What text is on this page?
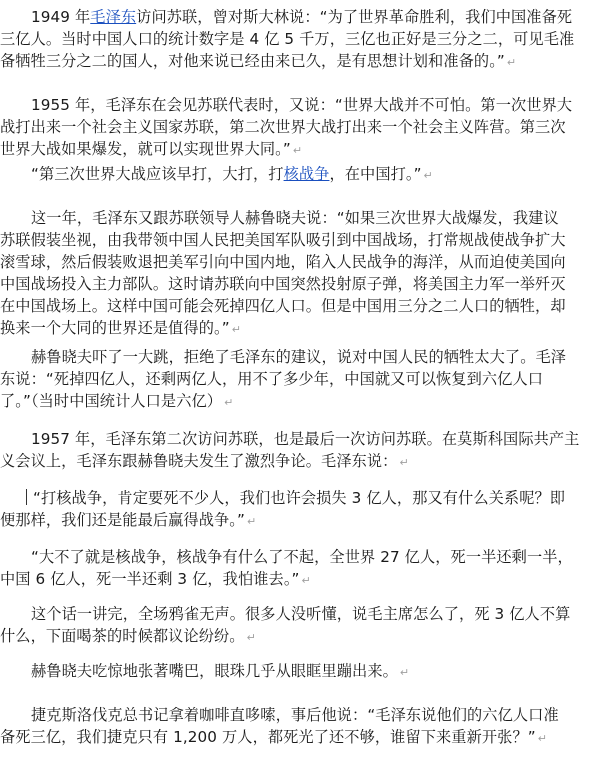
1949 年毛泽东访问苏联，曾对斯大林说：“为了世界革命胜利，我们中国准备死
三亿人。当时中国人口的统计数字是 4 亿 5 千万，三亿也正好是三分之二，可见毛准
备牺牲三分之二的国人，对他来说已经由来已久，是有思想计划和准备的。” ↵
1955 年，毛泽东在会见苏联代表时，又说：“世界大战并不可怕。第一次世界大
战打出来一个社会主义国家苏联，第二次世界大战打出来一个社会主义阵营。第三次
世界大战如果爆发，就可以实现世界大同。” ↵
“第三次世界大战应该早打，大打，打核战争，在中国打。” ↵
这一年，毛泽东又跟苏联领导人赫鲁晓夫说：“如果三次世界大战爆发，我建议
苏联假装坐视，由我带领中国人民把美国军队吸引到中国战场，打常规战使战争扩大
滚雪球，然后假装败退把美军引向中国内地，陷入人民战争的海洋，从而迫使美国向
中国战场投入主力部队。这时请苏联向中国突然投射原子弹，将美国主力军一举歼灭
在中国战场上。这样中国可能会死掉四亿人口。但是中国用三分之二人口的牺牲，却
换来一个大同的世界还是值得的。” ↵
赫鲁晓夫吓了一大跳，拒绝了毛泽东的建议，说对中国人民的牺牲太大了。毛泽
东说：“死掉四亿人，还剩两亿人，用不了多少年，中国就又可以恢复到六亿人口
了。”（当时中国统计人口是六亿） ↵
1957 年，毛泽东第二次访问苏联，也是最后一次访问苏联。在莫斯科国际共产主
义会议上，毛泽东跟赫鲁晓夫发生了激烈争论。毛泽东说： ↵
“打核战争，肯定要死不少人，我们也许会损失 3 亿人，那又有什么关系呢？即
便那样，我们还是能最后赢得战争。” ↵
“大不了就是核战争，核战争有什么了不起，全世界 27 亿人，死一半还剩一半，
中国 6 亿人，死一半还剩 3 亿，我怕谁去。” ↵
这个话一讲完，全场鸦雀无声。很多人没听懂，说毛主席怎么了，死 3 亿人不算
什么，下面喝茶的时候都议论纷纷。 ↵
赫鲁晓夫吃惊地张著嘴巴，眼珠几乎从眼眶里蹦出来。 ↵
捷克斯洛伐克总书记拿着咖啡直哆嗦，事后他说：“毛泽东说他们的六亿人口准
备死三亿，我们捷克只有 1,200 万人，都死光了还不够，谁留下来重新开张？” ↵
